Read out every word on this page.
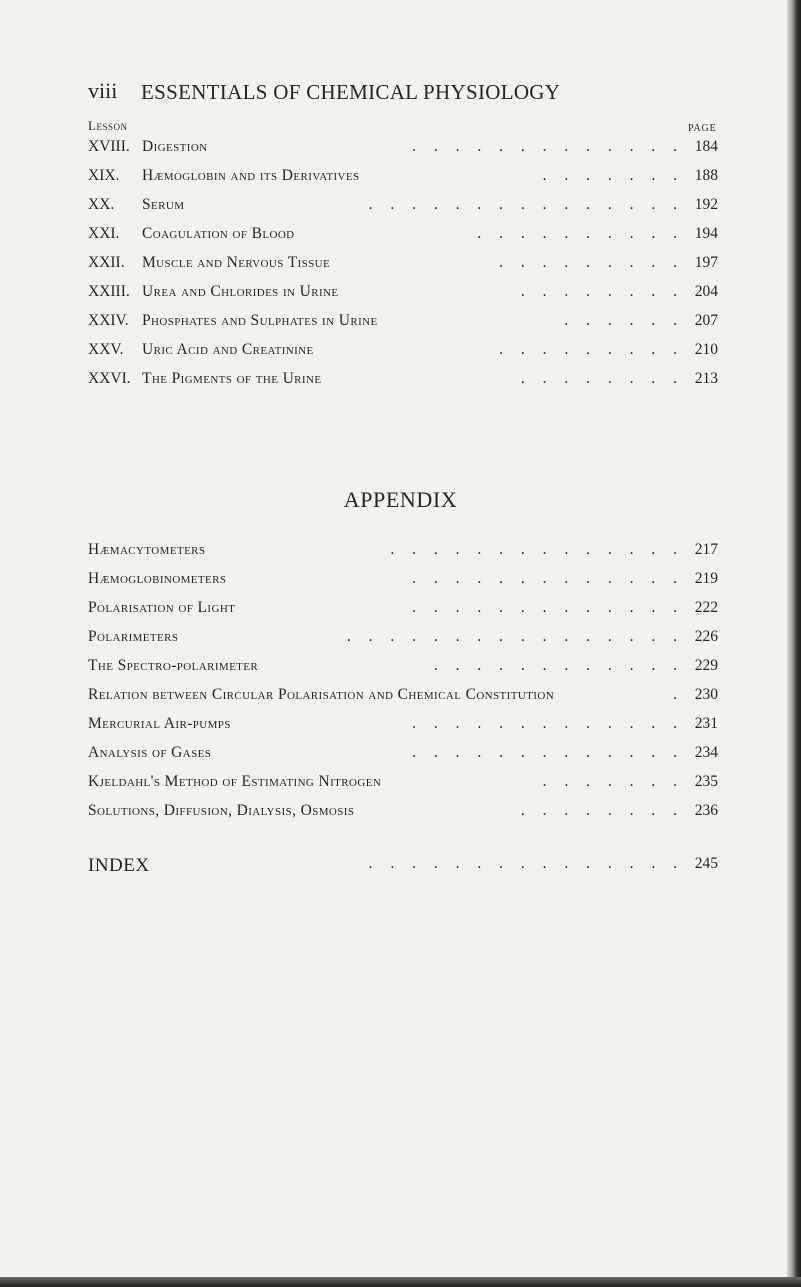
viii ESSENTIALS OF CHEMICAL PHYSIOLOGY
Lesson	PAGE
XVIII. Digestion	. . . . . . . . . . . . . 184
XIX.	Hæmoglobin and its Derivatives	. . . . . . . 188
XX.	Serum	. . . . . . . . . . . . . . . 192
XXI.	Coagulation of Blood	. . . . . . . . . . 194
XXII.	Muscle and Nervous Tissue	. . . . . . . . . 197
XXIII. Urea and Chlorides in Urine	. . . . . . . . 204
XXIV. Phosphates and Sulphates in Urine	. . . . . . 207
XXV.	Uric Acid and Creatinine	. . . . . . . . . 210
XXVI. The Pigments of the Urine	. . . . . . . . 213
APPENDIX
Hæmacytometers	. . . . . . . . . . . . . . 217
Hæmoglobinometers	. . . . . . . . . . . . . 219
Polarisation of Light	. . . . . . . . . . . . . 222
Polarimeters	. . . . . . . . . . . . . . . . 226
The Spectro-polarimeter	. . . . . . . . . . . . 229
Relation between Circular Polarisation and Chemical Constitution	. 230
Mercurial Air-pumps	. . . . . . . . . . . . . 231
Analysis of Gases	. . . . . . . . . . . . . 234
Kjeldahl's Method of Estimating Nitrogen	. . . . . . . 235
Solutions, Diffusion, Dialysis, Osmosis	. . . . . . . . 236
INDEX	. . . . . . . . . . . . . . . 245
